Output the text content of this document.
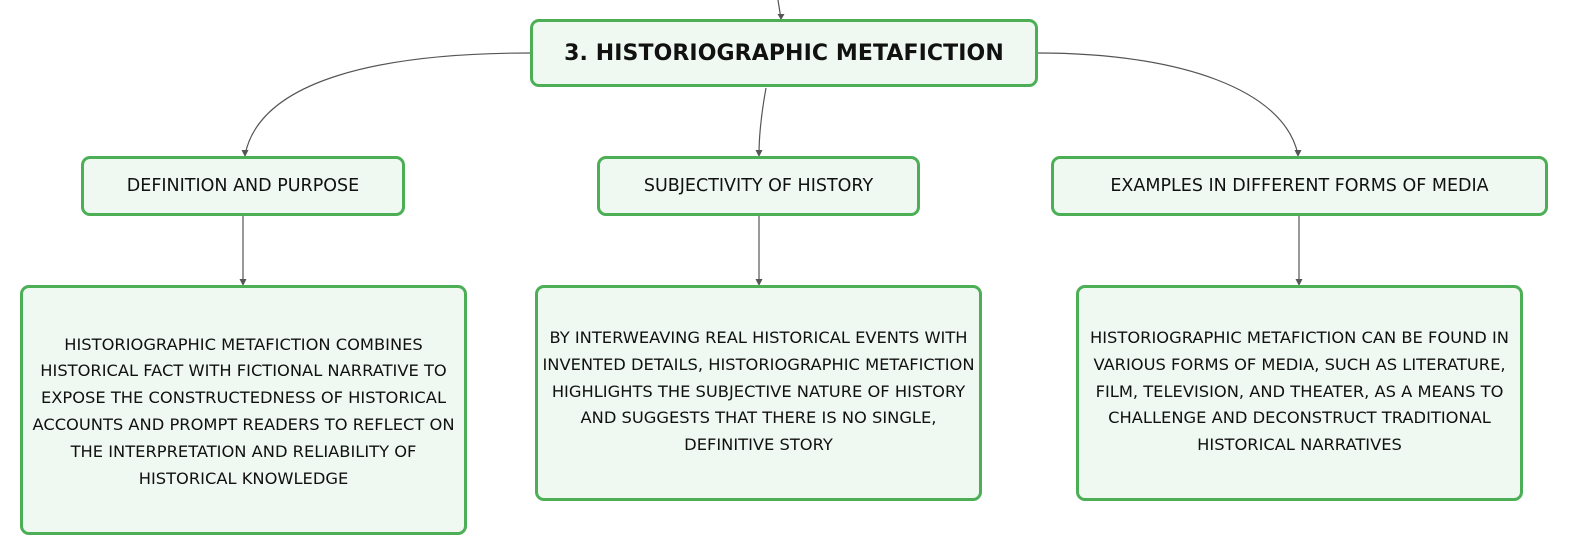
3. HISTORIOGRAPHIC METAFICTION
DEFINITION AND PURPOSE	SUBJECTIVITY OF HISTORY	EXAMPLES IN DIFFERENT FORMS OF MEDIA
HISTORIOGRAPHIC METAFICTION COMBINES HISTORICAL FACT WITH FICTIONAL NARRATIVE TO EXPOSE THE CONSTRUCTEDNESS OF HISTORICAL ACCOUNTS AND PROMPT READERS TO REFLECT ON THE INTERPRETATION AND RELIABILITY OF HISTORICAL KNOWLEDGE
BY INTERWEAVING REAL HISTORICAL EVENTS WITH INVENTED DETAILS, HISTORIOGRAPHIC METAFICTION HIGHLIGHTS THE SUBJECTIVE NATURE OF HISTORY AND SUGGESTS THAT THERE IS NO SINGLE, DEFINITIVE STORY
HISTORIOGRAPHIC METAFICTION CAN BE FOUND IN VARIOUS FORMS OF MEDIA, SUCH AS LITERATURE, FILM, TELEVISION, AND THEATER, AS A MEANS TO CHALLENGE AND DECONSTRUCT TRADITIONAL HISTORICAL NARRATIVES
